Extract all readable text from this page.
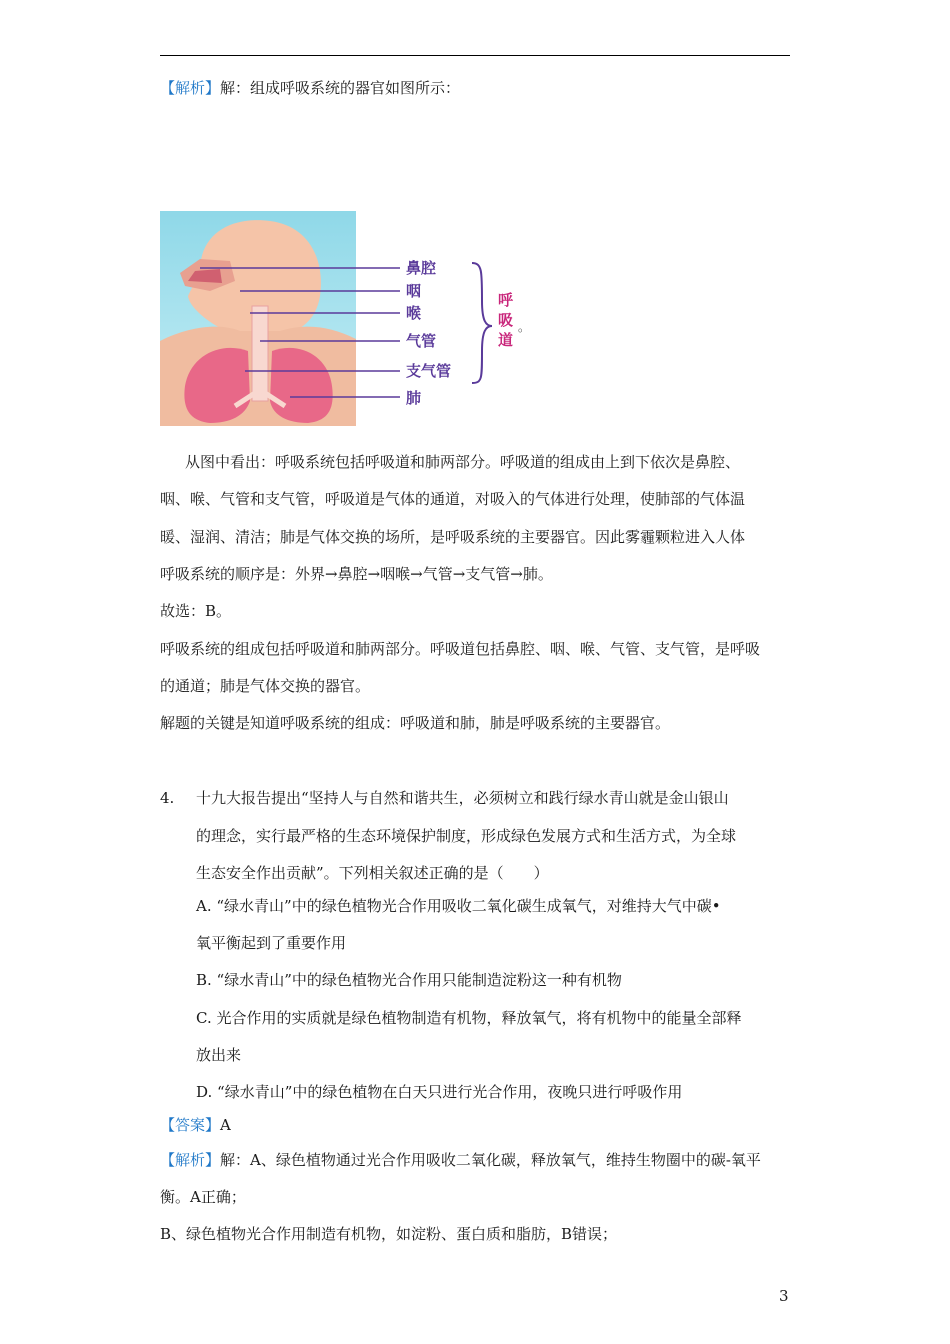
【解析】解：组成呼吸系统的器官如图所示：
鼻腔
咽
喉
气管
支气管
肺
呼
吸
道
。
从图中看出：呼吸系统包括呼吸道和肺两部分。呼吸道的组成由上到下依次是鼻腔、
咽、喉、气管和支气管，呼吸道是气体的通道，对吸入的气体进行处理，使肺部的气体温
暖、湿润、清洁；肺是气体交换的场所，是呼吸系统的主要器官。因此雾霾颗粒进入人体
呼吸系统的顺序是：外界→鼻腔→咽喉→气管→支气管→肺。
故选：B。
呼吸系统的组成包括呼吸道和肺两部分。呼吸道包括鼻腔、咽、喉、气管、支气管，是呼吸
的通道；肺是气体交换的器官。
解题的关键是知道呼吸系统的组成：呼吸道和肺，肺是呼吸系统的主要器官。
4. 十九大报告提出“坚持人与自然和谐共生，必须树立和践行绿水青山就是金山银山
的理念，实行最严格的生态环境保护制度，形成绿色发展方式和生活方式，为全球
生态安全作出贡献”。下列相关叙述正确的是（　　）
A. “绿水青山”中的绿色植物光合作用吸收二氧化碳生成氧气，对维持大气中碳•
氧平衡起到了重要作用
B. “绿水青山”中的绿色植物光合作用只能制造淀粉这一种有机物
C. 光合作用的实质就是绿色植物制造有机物，释放氧气，将有机物中的能量全部释
放出来
D. “绿水青山”中的绿色植物在白天只进行光合作用，夜晚只进行呼吸作用
【答案】A
【解析】解：A、绿色植物通过光合作用吸收二氧化碳，释放氧气，维持生物圈中的碳-氧平
衡。A正确；
B、绿色植物光合作用制造有机物，如淀粉、蛋白质和脂肪，B错误；
3
